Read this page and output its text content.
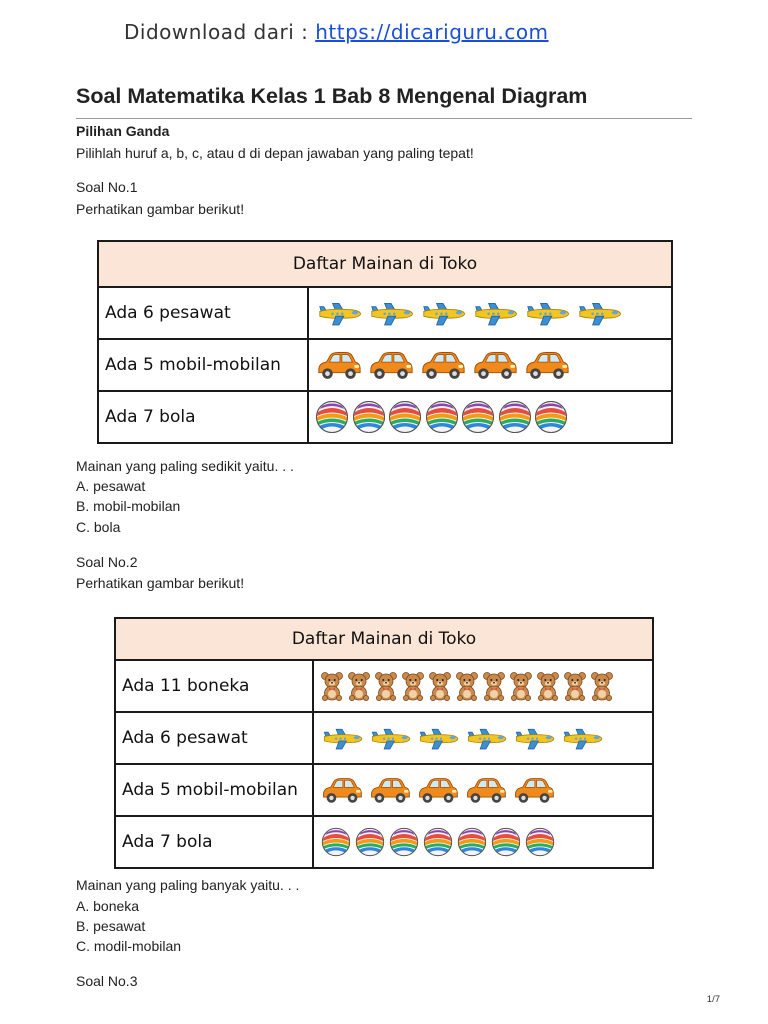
Didownload dari : https://dicariguru.com
Soal Matematika Kelas 1 Bab 8 Mengenal Diagram
Pilihan Ganda
Pilihlah huruf a, b, c, atau d di depan jawaban yang paling tepat!
Soal No.1
Perhatikan gambar berikut!
Daftar Mainan di Toko	
Ada 6 pesawat	

Ada 5 mobil-mobilan	

Ada 7 bola	
Mainan yang paling sedikit yaitu. . .
A. pesawat
B. mobil-mobilan
C. bola
Soal No.2
Perhatikan gambar berikut!
Daftar Mainan di Toko	
Ada 11 boneka	

Ada 6 pesawat	

Ada 5 mobil-mobilan	

Ada 7 bola	
Mainan yang paling banyak yaitu. . .
A. boneka
B. pesawat
C. modil-mobilan
Soal No.3
1/7
